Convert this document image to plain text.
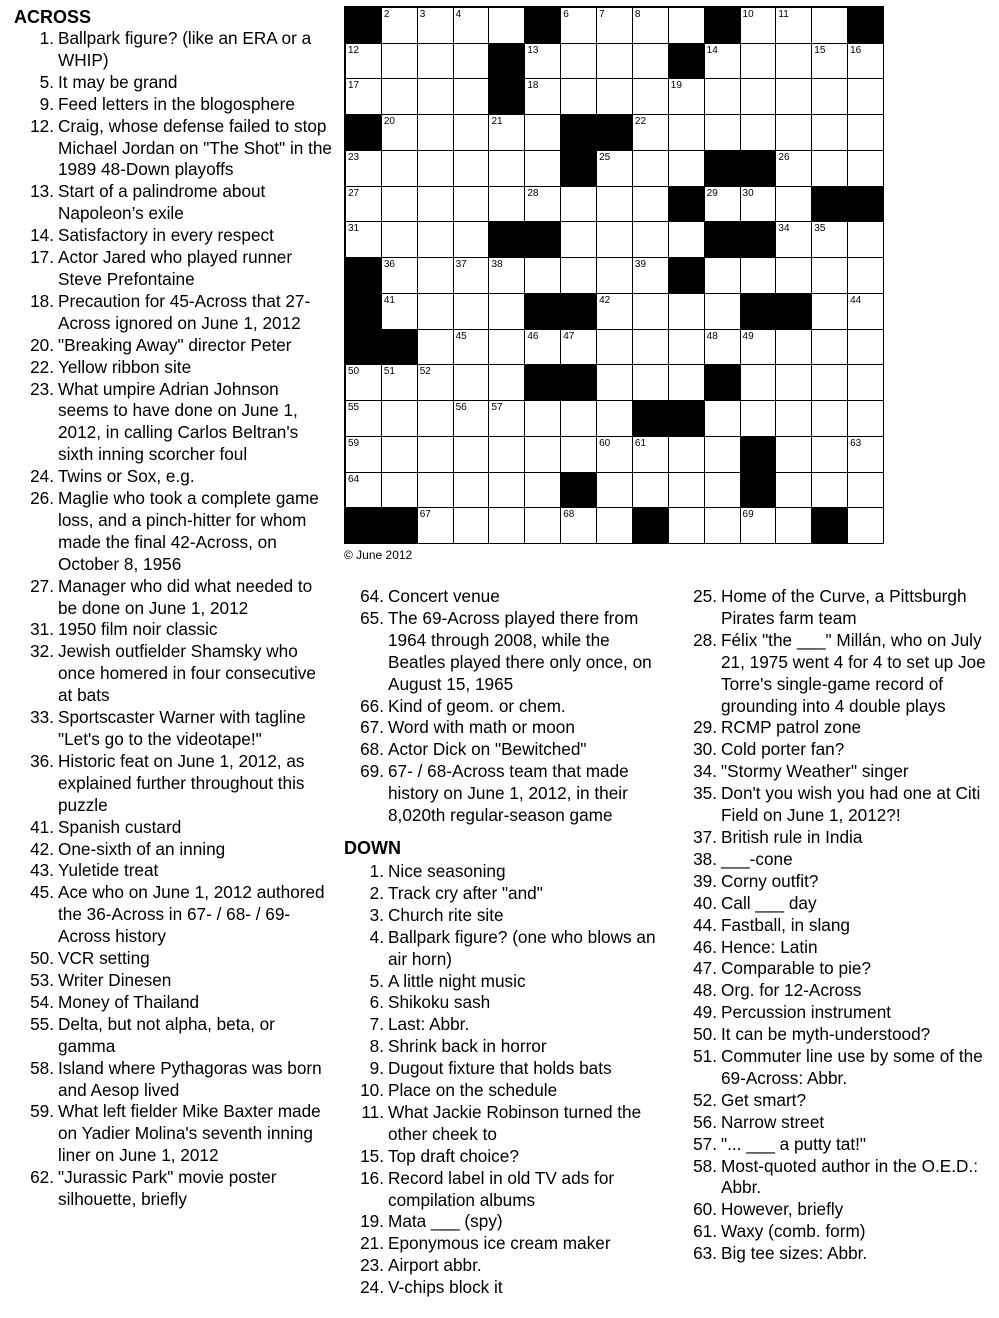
ACROSS
1. Ballpark figure? (like an ERA or a WHIP)
5. It may be grand
9. Feed letters in the blogosphere
12. Craig, whose defense failed to stop Michael Jordan on "The Shot" in the 1989 48-Down playoffs
13. Start of a palindrome about Napoleon’s exile
14. Satisfactory in every respect
17. Actor Jared who played runner Steve Prefontaine
18. Precaution for 45-Across that 27-Across ignored on June 1, 2012
20. "Breaking Away" director Peter
22. Yellow ribbon site
23. What umpire Adrian Johnson seems to have done on June 1, 2012, in calling Carlos Beltran's sixth inning scorcher foul
24. Twins or Sox, e.g.
26. Maglie who took a complete game loss, and a pinch-hitter for whom made the final 42-Across, on October 8, 1956
27. Manager who did what needed to be done on June 1, 2012
31. 1950 film noir classic
32. Jewish outfielder Shamsky who once homered in four consecutive at bats
33. Sportscaster Warner with tagline "Let's go to the videotape!"
36. Historic feat on June 1, 2012, as explained further throughout this puzzle
41. Spanish custard
42. One-sixth of an inning
43. Yuletide treat
45. Ace who on June 1, 2012 authored the 36-Across in 67- / 68- / 69-Across history
50. VCR setting
53. Writer Dinesen
54. Money of Thailand
55. Delta, but not alpha, beta, or gamma
58. Island where Pythagoras was born and Aesop lived
59. What left fielder Mike Baxter made on Yadier Molina's seventh inning liner on June 1, 2012
62. "Jurassic Park" movie poster silhouette, briefly
2	3	4	6	7	8	10 11
12	13	14	15 16
17	18	19
20	21	22
23	25	26
27	28	29 30
31	34 35
36	37 38	39
41	42	44
45	46 47	48 49
50 51 52
55	56 57
59	60 61	63
64
67	68	69
© June 2012
64. Concert venue
65. The 69-Across played there from 1964 through 2008, while the Beatles played there only once, on August 15, 1965
66. Kind of geom. or chem.
67. Word with math or moon
68. Actor Dick on "Bewitched"
69. 67- / 68-Across team that made history on June 1, 2012, in their 8,020th regular-season game
DOWN
1. Nice seasoning
2. Track cry after "and"
3. Church rite site
4. Ballpark figure? (one who blows an air horn)
5. A little night music
6. Shikoku sash
7. Last: Abbr.
8. Shrink back in horror
9. Dugout fixture that holds bats
10. Place on the schedule
11. What Jackie Robinson turned the other cheek to
15. Top draft choice?
16. Record label in old TV ads for compilation albums
19. Mata ___ (spy)
21. Eponymous ice cream maker
23. Airport abbr.
24. V-chips block it
25. Home of the Curve, a Pittsburgh Pirates farm team
28. Félix "the ___" Millán, who on July 21, 1975 went 4 for 4 to set up Joe Torre's single-game record of grounding into 4 double plays
29. RCMP patrol zone
30. Cold porter fan?
34. "Stormy Weather" singer
35. Don't you wish you had one at Citi Field on June 1, 2012?!
37. British rule in India
38. ___-cone
39. Corny outfit?
40. Call ___ day
44. Fastball, in slang
46. Hence: Latin
47. Comparable to pie?
48. Org. for 12-Across
49. Percussion instrument
50. It can be myth-understood?
51. Commuter line use by some of the 69-Across: Abbr.
52. Get smart?
56. Narrow street
57. "... ___ a putty tat!"
58. Most-quoted author in the O.E.D.: Abbr.
60. However, briefly
61. Waxy (comb. form)
63. Big tee sizes: Abbr.
